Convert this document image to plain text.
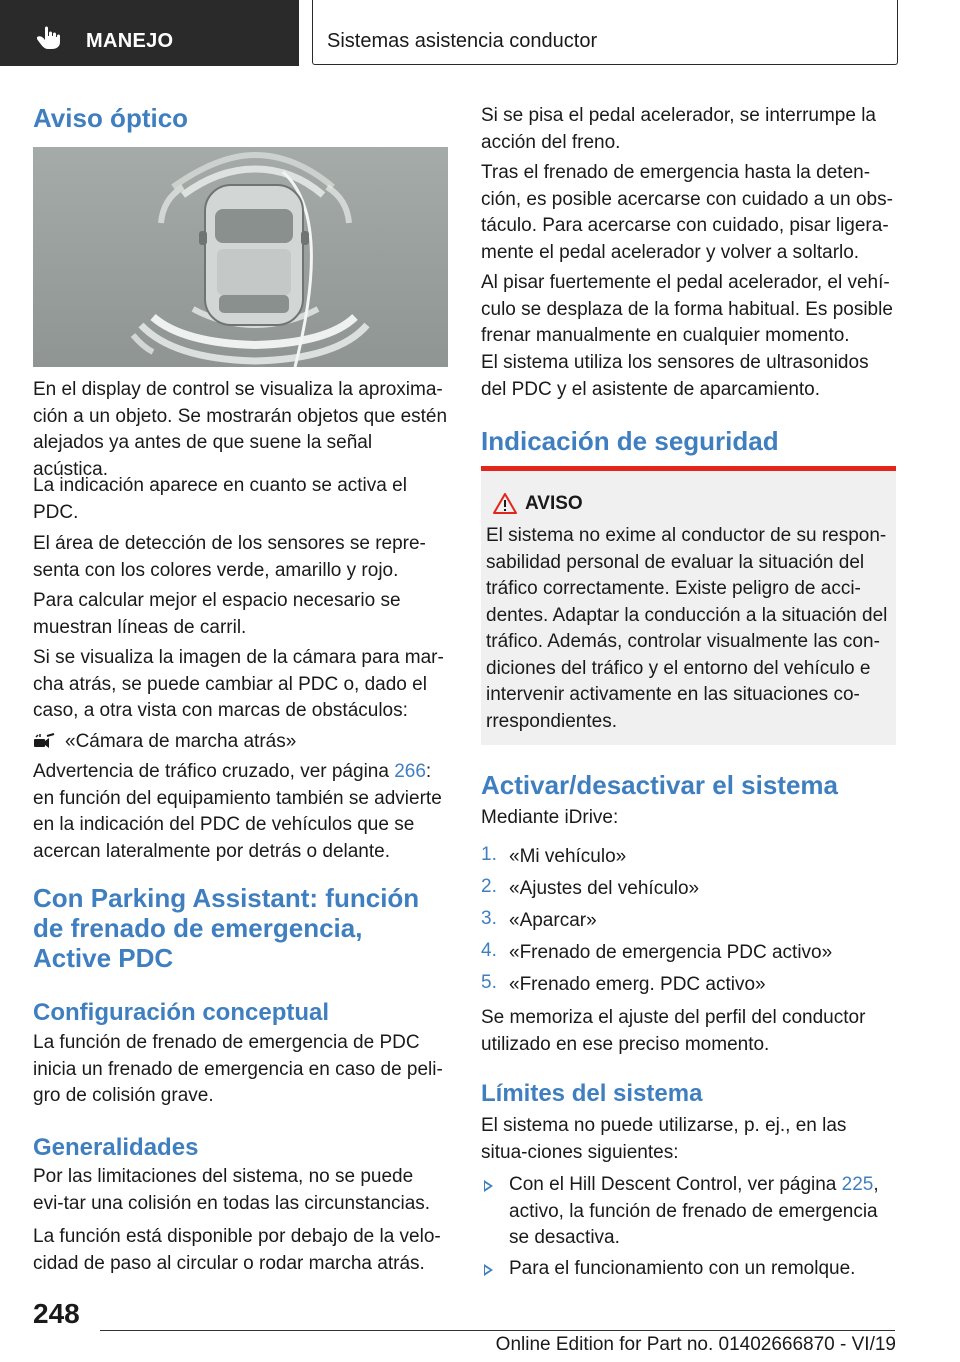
MANEJO	Sistemas asistencia conductor
Aviso óptico

En el display de control se visualiza la aproxima-ción a un objeto. Se mostrarán objetos que estén alejados ya antes de que suene la señal acústica.

La indicación aparece en cuanto se activa el PDC.

El área de detección de los sensores se repre-senta con los colores verde, amarillo y rojo.

Para calcular mejor el espacio necesario se muestran líneas de carril.

Si se visualiza la imagen de la cámara para mar-cha atrás, se puede cambiar al PDC o, dado el caso, a otra vista con marcas de obstáculos:

«Cámara de marcha atrás»

Advertencia de tráfico cruzado, ver página 266: en función del equipamiento también se advierte en la indicación del PDC de vehículos que se acercan lateralmente por detrás o delante.

Con Parking Assistant: función
de frenado de emergencia,
Active PDC
Configuración conceptual

La función de frenado de emergencia de PDC inicia un frenado de emergencia en caso de peli-gro de colisión grave.

Generalidades

Por las limitaciones del sistema, no se puede evi-tar una colisión en todas las circunstancias.

La función está disponible por debajo de la velo-cidad de paso al circular o rodar marcha atrás.

Si se pisa el pedal acelerador, se interrumpe la acción del freno.

Tras el frenado de emergencia hasta la deten-ción, es posible acercarse con cuidado a un obs-táculo. Para acercarse con cuidado, pisar ligera-mente el pedal acelerador y volver a soltarlo.

Al pisar fuertemente el pedal acelerador, el vehí-culo se desplaza de la forma habitual. Es posible frenar manualmente en cualquier momento.

El sistema utiliza los sensores de ultrasonidos del PDC y el asistente de aparcamiento.

Indicación de seguridad
Activar/desactivar el sistema

Mediante iDrive:

1. «Mi vehículo»
2. «Ajustes del vehículo»
3. «Aparcar»
4. «Frenado de emergencia PDC activo»
5. «Frenado emerg. PDC activo»

Se memoriza el ajuste del perfil del conductor utilizado en ese preciso momento.

Límites del sistema

El sistema no puede utilizarse, p. ej., en las situa-ciones siguientes:

Con el Hill Descent Control, ver página 225, activo, la función de frenado de emergencia se desactiva.
Para el funcionamiento con un remolque.
AVISO

El sistema no exime al conductor de su respon-sabilidad personal de evaluar la situación del tráfico correctamente. Existe peligro de acci-dentes. Adaptar la conducción a la situación del tráfico. Además, controlar visualmente las con-diciones del tráfico y el entorno del vehículo e intervenir activamente en las situaciones co-rrespondientes.

248
Online Edition for Part no. 01402666870 - VI/19
